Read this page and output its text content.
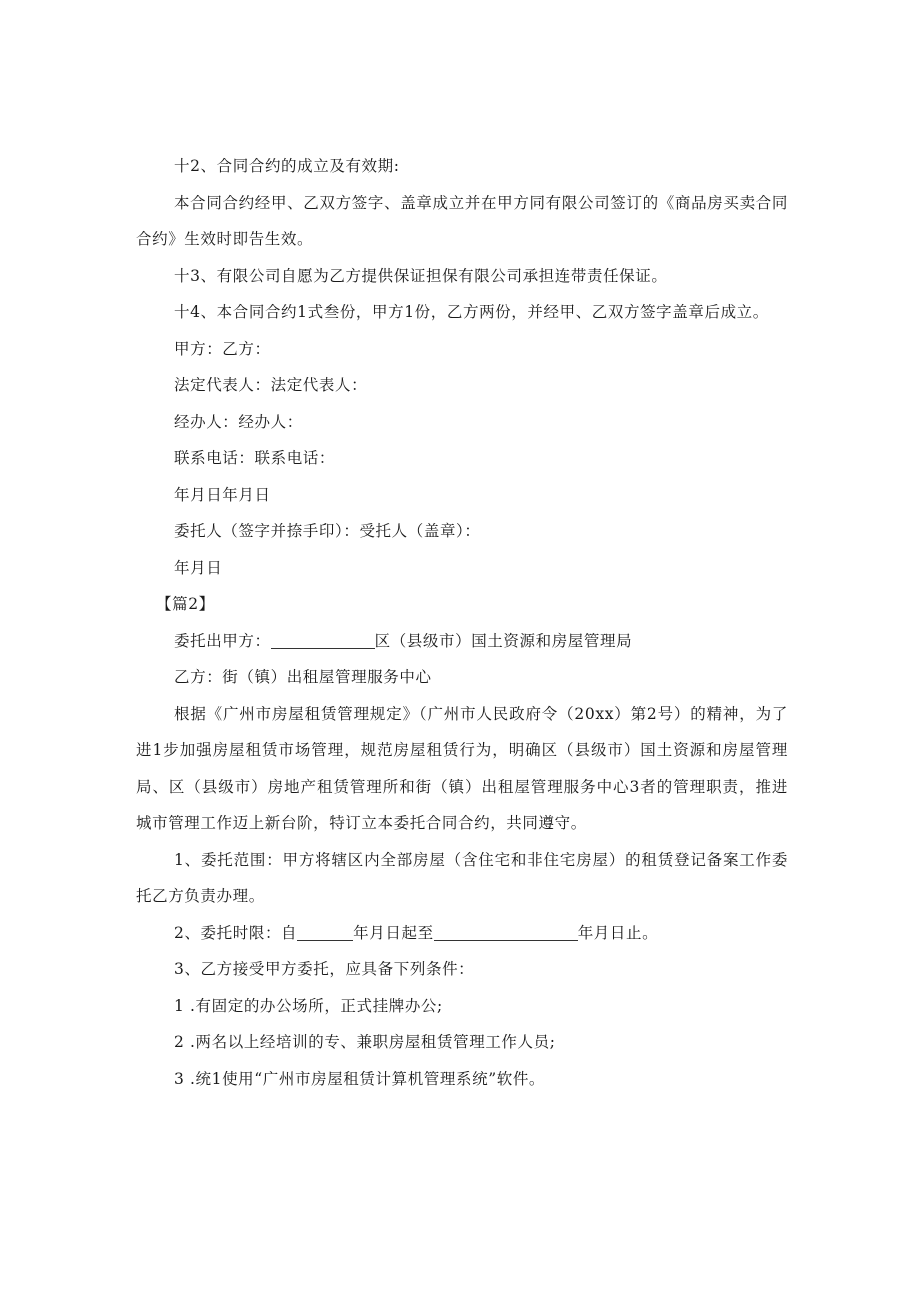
十2、合同合约的成立及有效期:

本合同合约经甲、乙双方签字、盖章成立并在甲方同有限公司签订的《商品房买卖合同合约》生效时即告生效。

十3、有限公司自愿为乙方提供保证担保有限公司承担连带责任保证。

十4、本合同合约1式叁份，甲方1份，乙方两份，并经甲、乙双方签字盖章后成立。

甲方：乙方：

法定代表人：法定代表人：

经办人：经办人：

联系电话：联系电话：

年月日年月日

委托人（签字并捺手印）：受托人（盖章）：

年月日

【篇2】

委托出甲方：	区（县级市）国土资源和房屋管理局

乙方：街（镇）出租屋管理服务中心

根据《广州市房屋租赁管理规定》（广州市人民政府令（20xx）第2号）的精神，为了进1步加强房屋租赁市场管理，规范房屋租赁行为，明确区（县级市）国土资源和房屋管理局、区（县级市）房地产租赁管理所和街（镇）出租屋管理服务中心3者的管理职责，推进城市管理工作迈上新台阶，特订立本委托合同合约，共同遵守。

1、委托范围：甲方将辖区内全部房屋（含住宅和非住宅房屋）的租赁登记备案工作委托乙方负责办理。

2、委托时限：自	年月日起至	年月日止。

3、乙方接受甲方委托，应具备下列条件：

1 .有固定的办公场所，正式挂牌办公;

2 .两名以上经培训的专、兼职房屋租赁管理工作人员;

3 .统1使用“广州市房屋租赁计算机管理系统”软件。
